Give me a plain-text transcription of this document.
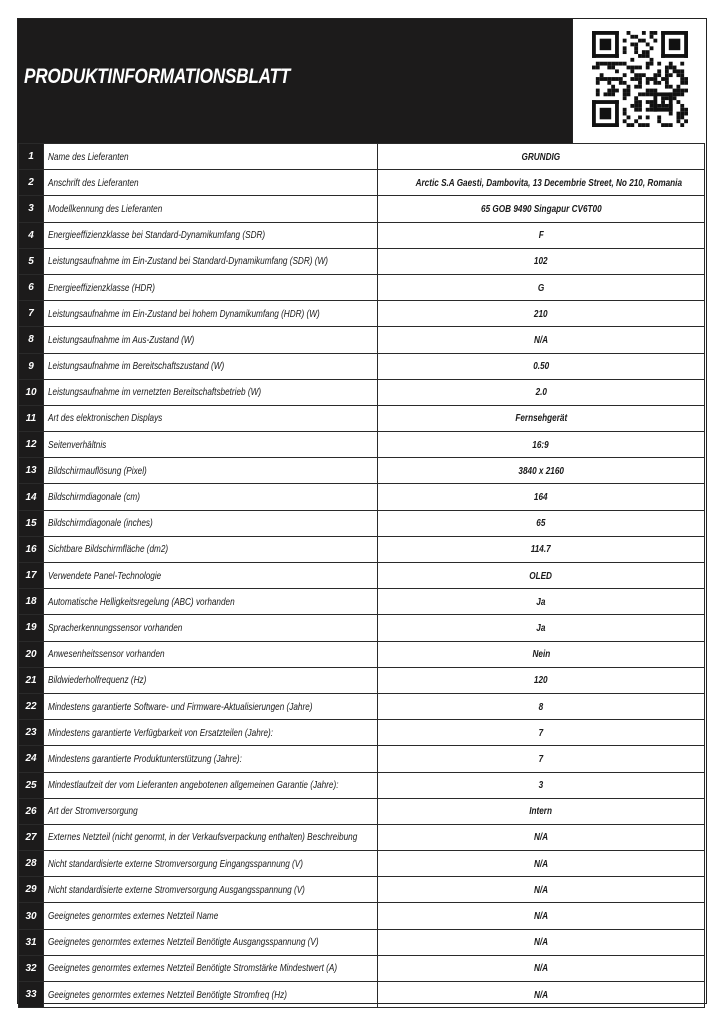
PRODUKTINFORMATIONSBLATT
1	Name des Lieferanten	GRUNDIG
2	Anschrift des Lieferanten	Arctic S.A Gaesti, Dambovita, 13 Decembrie Street, No 210, Romania
3	Modellkennung des Lieferanten	65 GOB 9490 Singapur CV6T00
4	Energieeffizienzklasse bei Standard-Dynamikumfang (SDR)	F
5	Leistungsaufnahme im Ein-Zustand bei Standard-Dynamikumfang (SDR) (W)	102
6	Energieeffizienzklasse (HDR)	G
7	Leistungsaufnahme im Ein-Zustand bei hohem Dynamikumfang (HDR) (W)	210
8	Leistungsaufnahme im Aus-Zustand (W)	N/A
9	Leistungsaufnahme im Bereitschaftszustand (W)	0.50
10	Leistungsaufnahme im vernetzten Bereitschaftsbetrieb (W)	2.0
11	Art des elektronischen Displays	Fernsehgerät
12	Seitenverhältnis	16:9
13	Bildschirmauflösung (Pixel)	3840 x 2160
14	Bildschirmdiagonale (cm)	164
15	Bildschirmdiagonale (inches)	65
16	Sichtbare Bildschirmfläche (dm2)	114.7
17	Verwendete Panel-Technologie	OLED
18	Automatische Helligkeitsregelung (ABC) vorhanden	Ja
19	Spracherkennungssensor vorhanden	Ja
20	Anwesenheitssensor vorhanden	Nein
21	Bildwiederholfrequenz (Hz)	120
22	Mindestens garantierte Software- und Firmware-Aktualisierungen (Jahre)	8
23	Mindestens garantierte Verfügbarkeit von Ersatzteilen (Jahre):	7
24	Mindestens garantierte Produktunterstützung (Jahre):	7
25	Mindestlaufzeit der vom Lieferanten angebotenen allgemeinen Garantie (Jahre):	3
26	Art der Stromversorgung	Intern
27	Externes Netzteil (nicht genormt, in der Verkaufsverpackung enthalten) Beschreibung	N/A
28	Nicht standardisierte externe Stromversorgung Eingangsspannung (V)	N/A
29	Nicht standardisierte externe Stromversorgung Ausgangsspannung (V)	N/A
30	Geeignetes genormtes externes Netzteil Name	N/A
31	Geeignetes genormtes externes Netzteil Benötigte Ausgangsspannung (V)	N/A
32	Geeignetes genormtes externes Netzteil Benötigte Stromstärke Mindestwert (A)	N/A
33	Geeignetes genormtes externes Netzteil Benötigte Stromfreq (Hz)	N/A
